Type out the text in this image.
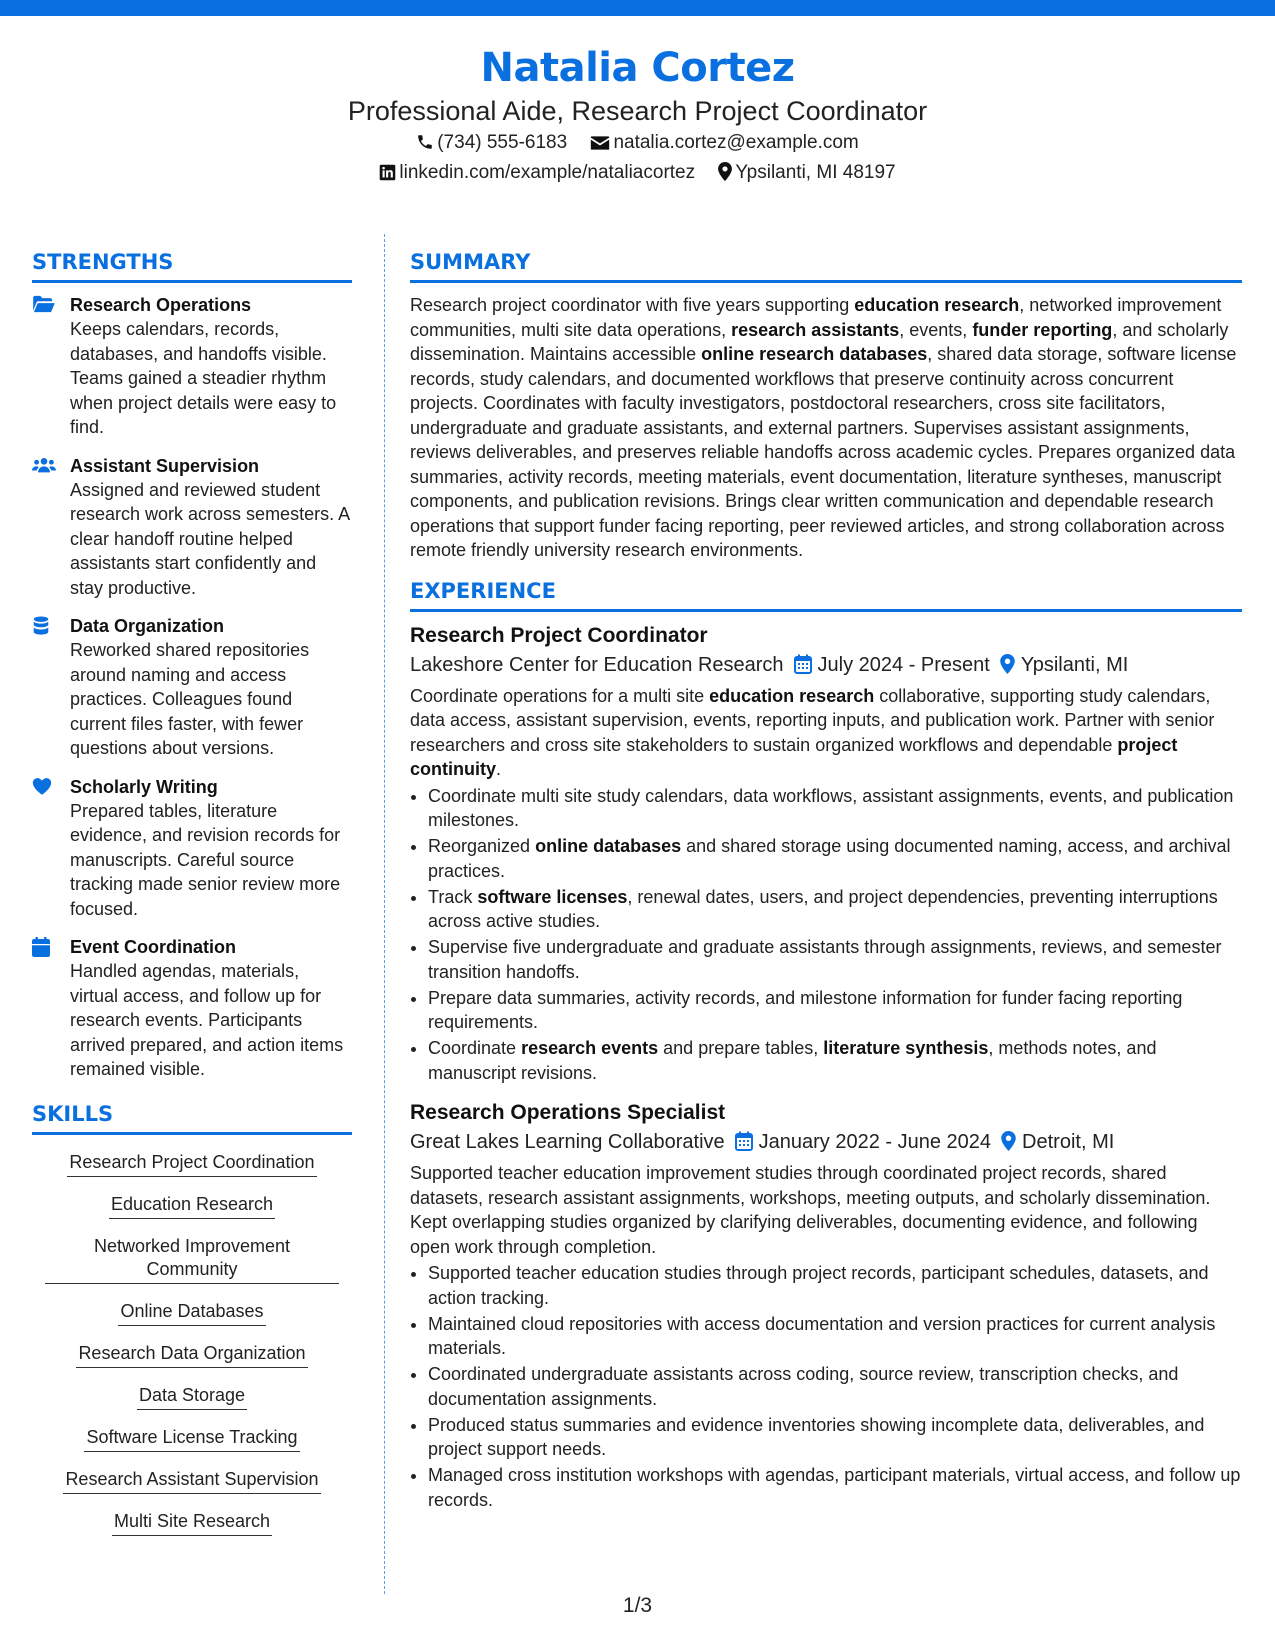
Natalia Cortez
Professional Aide, Research Project Coordinator
(734) 555-6183 natalia.cortez@example.com
linkedin.com/example/nataliacortez Ypsilanti, MI 48197
STRENGTHS
Research Operations
Keeps calendars, records, databases, and handoffs visible. Teams gained a steadier rhythm when project details were easy to find.
Assistant Supervision
Assigned and reviewed student research work across semesters. A clear handoff routine helped assistants start confidently and stay productive.
Data Organization
Reworked shared repositories around naming and access practices. Colleagues found current files faster, with fewer questions about versions.
Scholarly Writing
Prepared tables, literature evidence, and revision records for manuscripts. Careful source tracking made senior review more focused.
Event Coordination
Handled agendas, materials, virtual access, and follow up for research events. Participants arrived prepared, and action items remained visible.
SKILLS
Research Project Coordination
Education Research
Networked Improvement Community
Online Databases
Research Data Organization
Data Storage
Software License Tracking
Research Assistant Supervision
Multi Site Research
SUMMARY
Research project coordinator with five years supporting education research, networked improvement communities, multi site data operations, research assistants, events, funder reporting, and scholarly dissemination. Maintains accessible online research databases, shared data storage, software license records, study calendars, and documented workflows that preserve continuity across concurrent projects. Coordinates with faculty investigators, postdoctoral researchers, cross site facilitators, undergraduate and graduate assistants, and external partners. Supervises assistant assignments, reviews deliverables, and preserves reliable handoffs across academic cycles. Prepares organized data summaries, activity records, meeting materials, event documentation, literature syntheses, manuscript components, and publication revisions. Brings clear written communication and dependable research operations that support funder facing reporting, peer reviewed articles, and strong collaboration across remote friendly university research environments.
EXPERIENCE
Research Project Coordinator
Lakeshore Center for Education Research July 2024 - Present Ypsilanti, MI
Coordinate operations for a multi site education research collaborative, supporting study calendars, data access, assistant supervision, events, reporting inputs, and publication work. Partner with senior researchers and cross site stakeholders to sustain organized workflows and dependable project continuity.
• Coordinate multi site study calendars, data workflows, assistant assignments, events, and publication milestones.
• Reorganized online databases and shared storage using documented naming, access, and archival practices.
• Track software licenses, renewal dates, users, and project dependencies, preventing interruptions across active studies.
• Supervise five undergraduate and graduate assistants through assignments, reviews, and semester transition handoffs.
• Prepare data summaries, activity records, and milestone information for funder facing reporting requirements.
• Coordinate research events and prepare tables, literature synthesis, methods notes, and manuscript revisions.
Research Operations Specialist
Great Lakes Learning Collaborative January 2022 - June 2024 Detroit, MI
Supported teacher education improvement studies through coordinated project records, shared datasets, research assistant assignments, workshops, meeting outputs, and scholarly dissemination. Kept overlapping studies organized by clarifying deliverables, documenting evidence, and following open work through completion.
• Supported teacher education studies through project records, participant schedules, datasets, and action tracking.
• Maintained cloud repositories with access documentation and version practices for current analysis materials.
• Coordinated undergraduate assistants across coding, source review, transcription checks, and documentation assignments.
• Produced status summaries and evidence inventories showing incomplete data, deliverables, and project support needs.
• Managed cross institution workshops with agendas, participant materials, virtual access, and follow up records.
1/3
